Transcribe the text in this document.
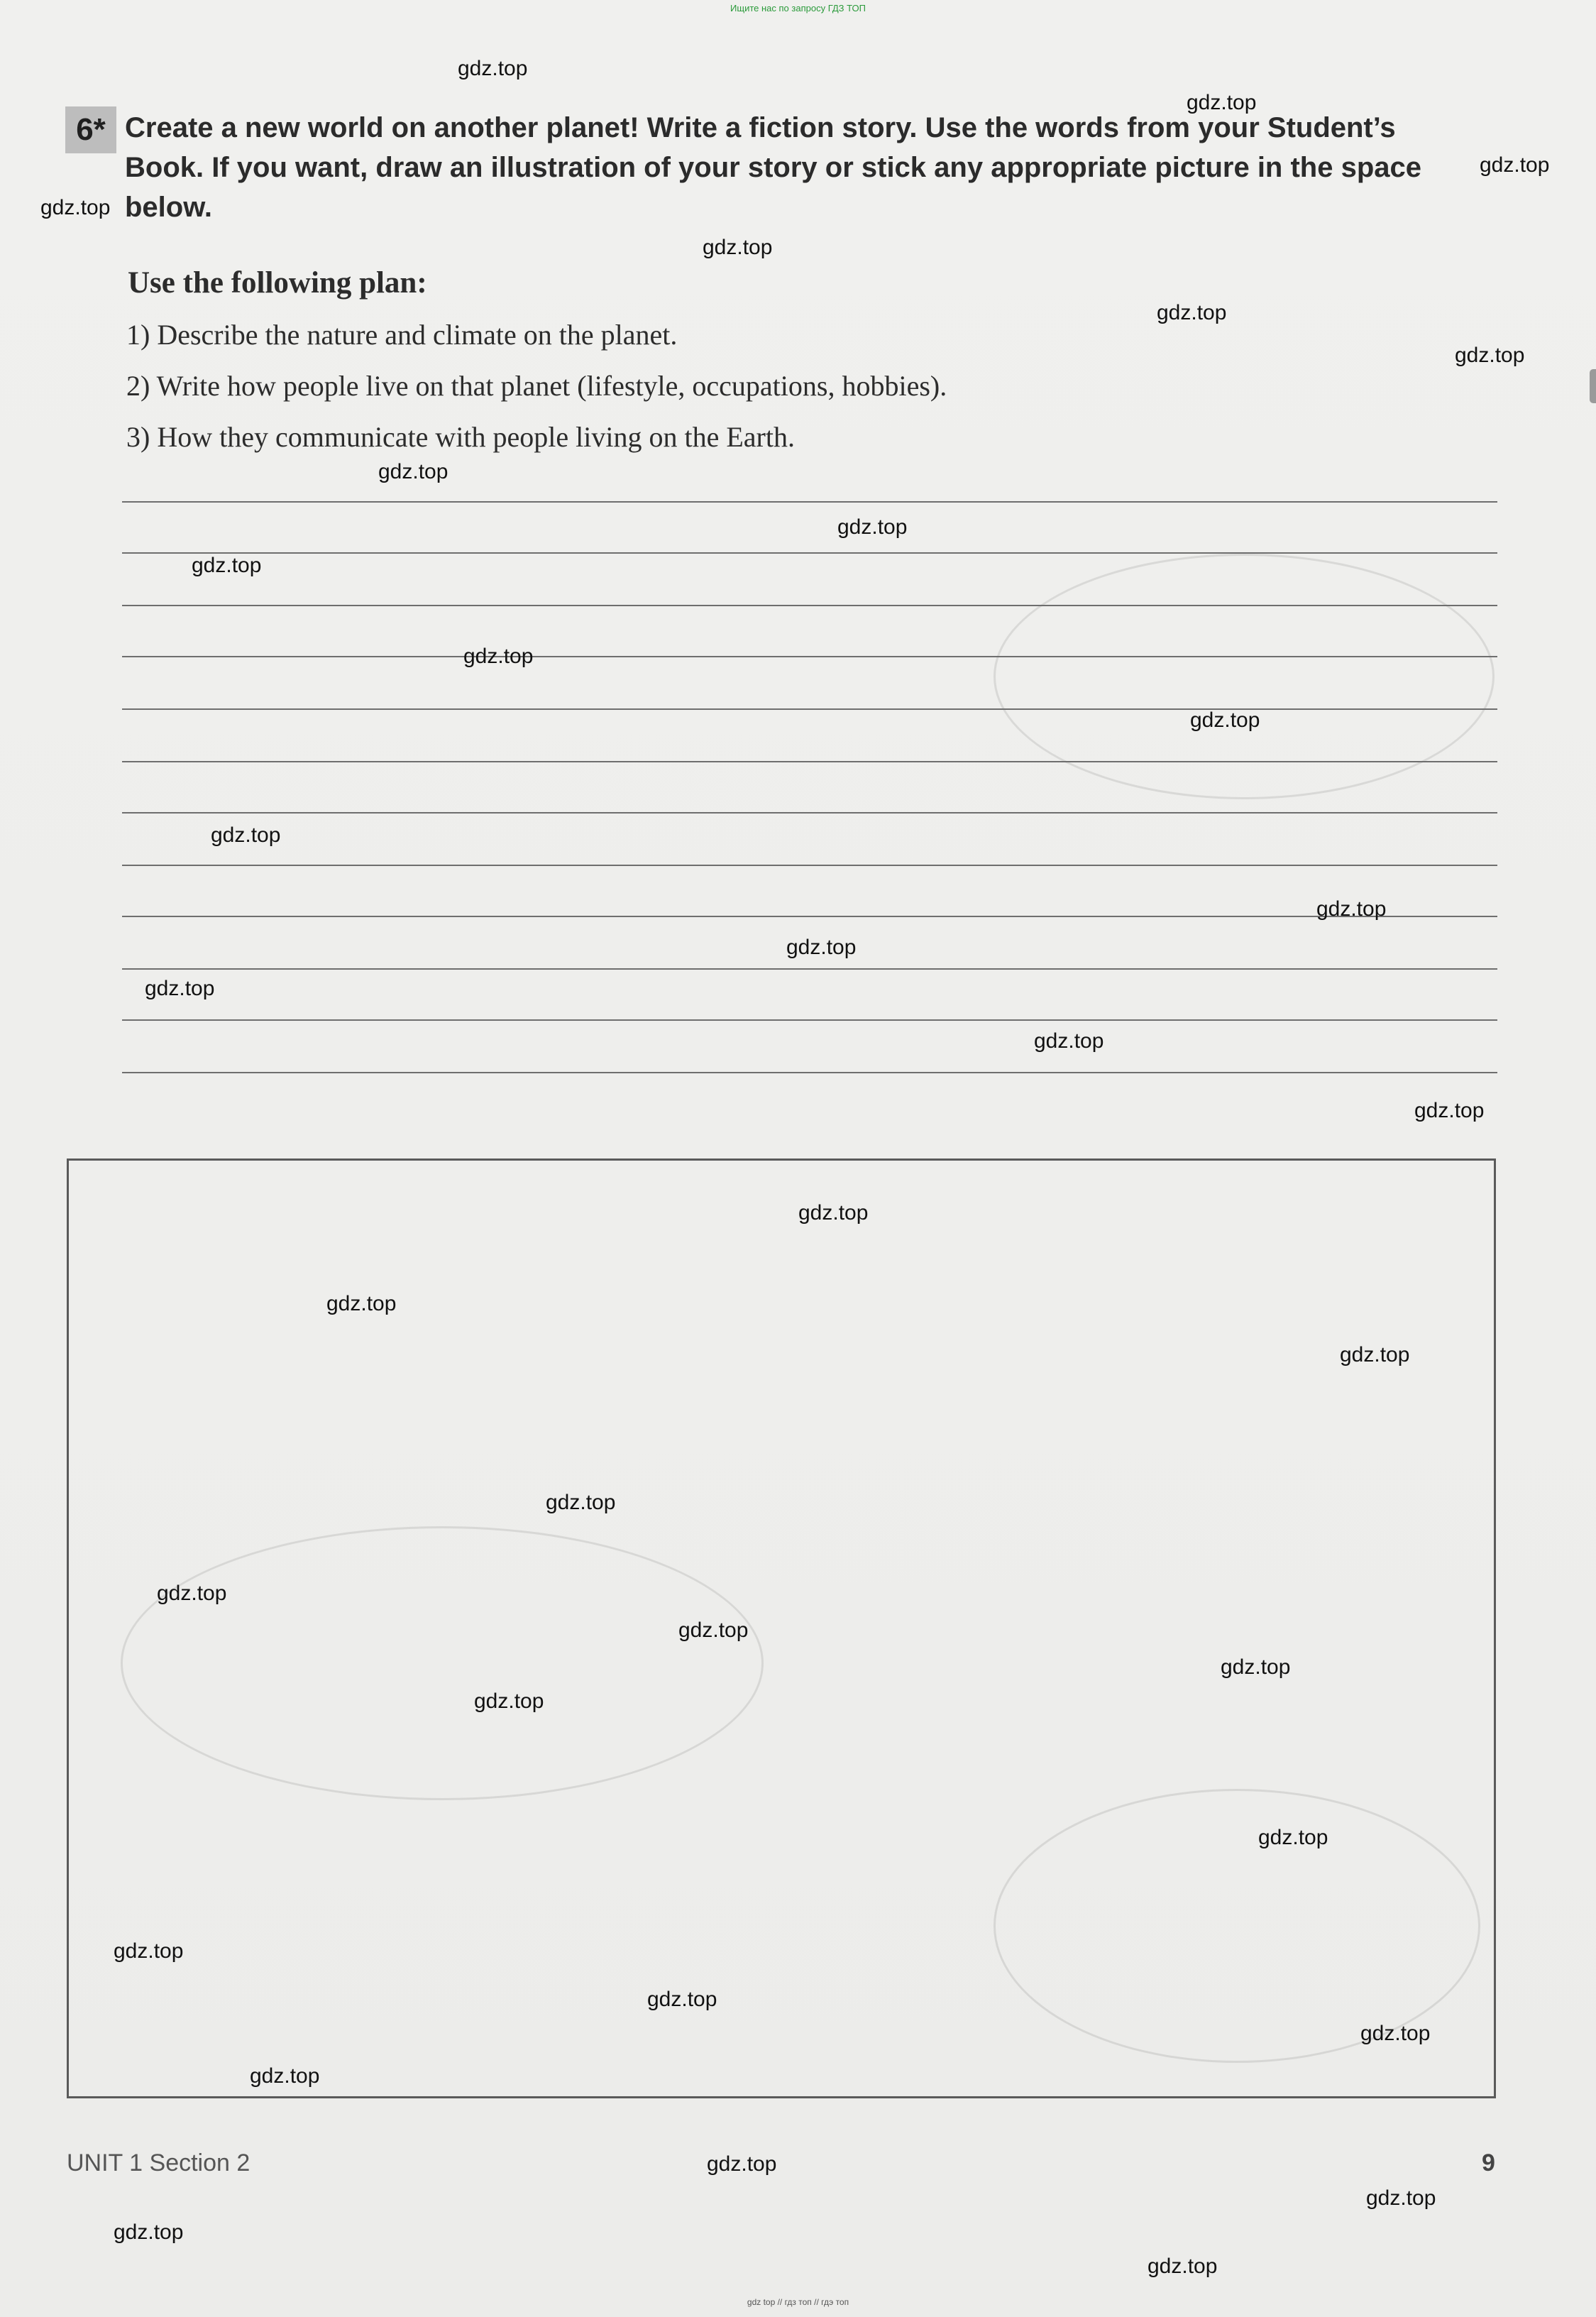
Ищите нас по запросу ГДЗ ТОП
6* Create a new world on another planet! Write a fiction story. Use the words from your Student’s Book. If you want, draw an illustration of your story or stick any appropriate picture in the space below.
Use the following plan:
1) Describe the nature and climate on the planet.
2) Write how people live on that planet (lifestyle, occupations, hobbies).
3) How they communicate with people living on the Earth.
UNIT 1 Section 2	9
gdz.top
gdz.top
gdz.top
gdz.top
gdz.top
gdz.top
gdz.top
gdz.top
gdz.top
gdz.top
gdz.top
gdz.top
gdz.top
gdz.top
gdz.top
gdz.top
gdz.top
gdz.top
gdz.top
gdz.top
gdz.top
gdz.top
gdz.top
gdz.top
gdz.top
gdz.top
gdz.top
gdz.top
gdz.top
gdz.top
gdz.top
gdz.top
gdz.top
gdz.top
gdz.top
gdz top // гдз топ // гдэ топ
